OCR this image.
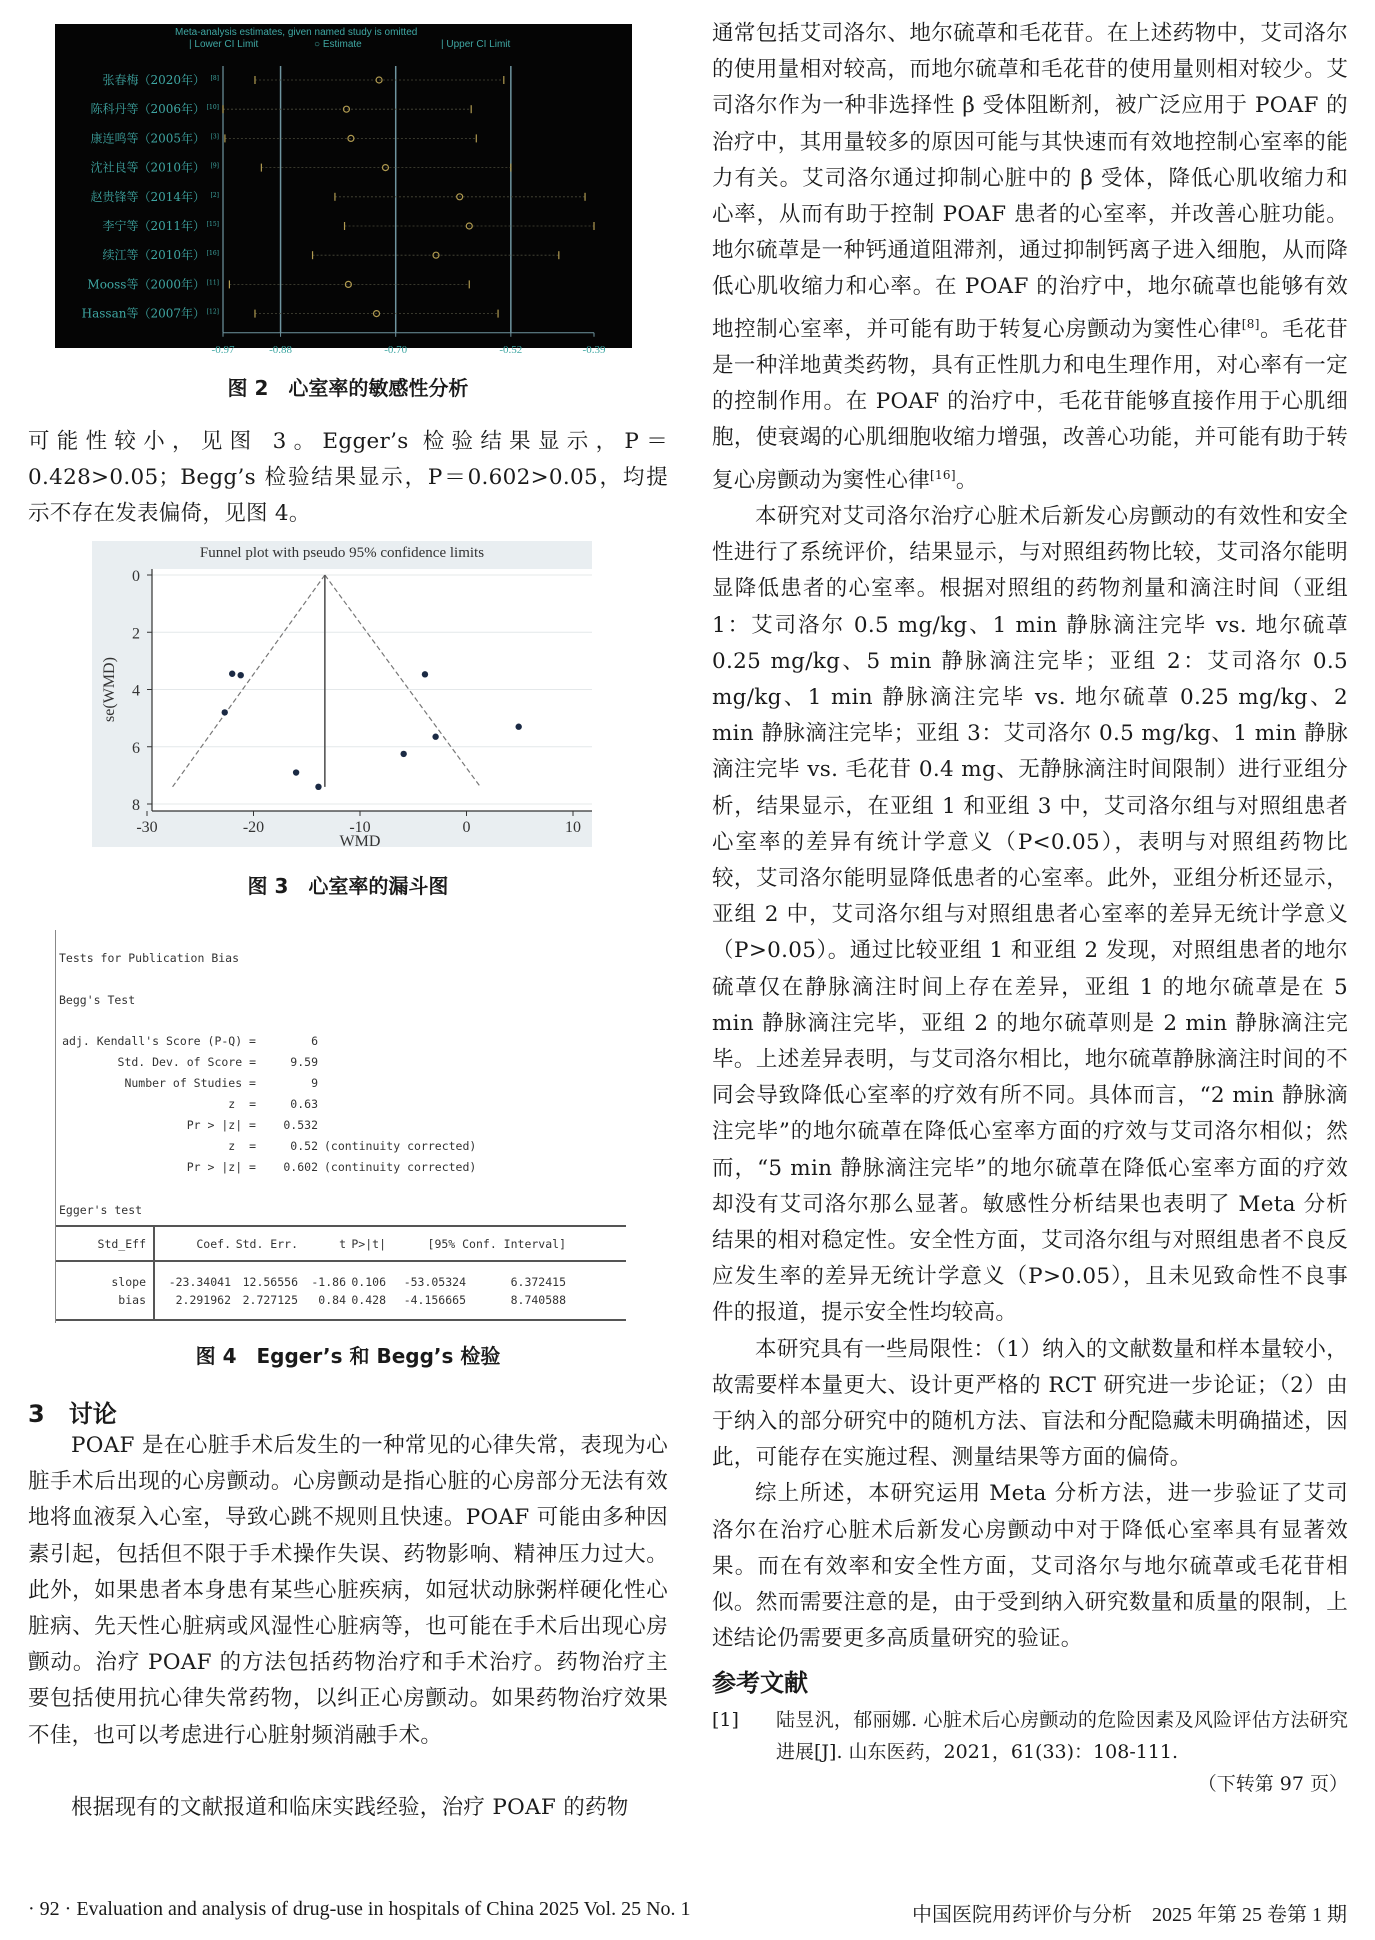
Meta-analysis estimates, given named study is omitted
| Lower CI Limit	○ Estimate	| Upper CI Limit
-0.97	-0.88	-0.70	-0.52	-0.39
张春梅（2020年） [8]
陈科丹等（2006年） [10]
康连鸣等（2005年） [3]
沈社良等（2010年） [9]
赵贵锋等（2014年） [2]
李宁等（2011年） [15]
续江等（2010年） [16]
Mooss等（2000年） [11]
Hassan等（2007年） [12]
图 2　心室率的敏感性分析

可能性较小，见图 3。Egger’s 检验结果显示，P＝0.428>0.05；Begg’s 检验结果显示，P＝0.602>0.05，均提示不存在发表偏倚，见图 4。

Funnel plot with pseudo 95% confidence limits
0
2
4
6
8
-30	-20	-10	0	10
WMD
se(WMD)
图 3　心室率的漏斗图
Tests for Publication Bias
Begg's Test
adj. Kendall's Score (P-Q) =	6
Std. Dev. of Score =	9.59
Number of Studies =	9
z  =	0.63
Pr > |z| =	0.532
z  =	0.52 (continuity corrected)
Pr > |z| =	0.602 (continuity corrected)
Egger's test
Std_Eff	Coef. Std. Err.	t P>|t|	[95% Conf. Interval]
slope	-23.34041	12.56556	-1.86 0.106	-53.05324	6.372415
bias	2.291962	2.727125	0.84 0.428	-4.156665	8.740588
图 4　Egger’s 和 Begg’s 检验
3　讨论

POAF 是在心脏手术后发生的一种常见的心律失常，表现为心脏手术后出现的心房颤动。心房颤动是指心脏的心房部分无法有效地将血液泵入心室，导致心跳不规则且快速。POAF 可能由多种因素引起，包括但不限于手术操作失误、药物影响、精神压力过大。此外，如果患者本身患有某些心脏疾病，如冠状动脉粥样硬化性心脏病、先天性心脏病或风湿性心脏病等，也可能在手术后出现心房颤动。治疗 POAF 的方法包括药物治疗和手术治疗。药物治疗主要包括使用抗心律失常药物，以纠正心房颤动。如果药物治疗效果不佳，也可以考虑进行心脏射频消融手术。

根据现有的文献报道和临床实践经验，治疗 POAF 的药物

通常包括艾司洛尔、地尔硫䓬和毛花苷。在上述药物中，艾司洛尔的使用量相对较高，而地尔硫䓬和毛花苷的使用量则相对较少。艾司洛尔作为一种非选择性 β 受体阻断剂，被广泛应用于 POAF 的治疗中，其用量较多的原因可能与其快速而有效地控制心室率的能力有关。艾司洛尔通过抑制心脏中的 β 受体，降低心肌收缩力和心率，从而有助于控制 POAF 患者的心室率，并改善心脏功能。地尔硫䓬是一种钙通道阻滞剂，通过抑制钙离子进入细胞，从而降低心肌收缩力和心率。在 POAF 的治疗中，地尔硫䓬也能够有效地控制心室率，并可能有助于转复心房颤动为窦性心律[8]。毛花苷是一种洋地黄类药物，具有正性肌力和电生理作用，对心率有一定的控制作用。在 POAF 的治疗中，毛花苷能够直接作用于心肌细胞，使衰竭的心肌细胞收缩力增强，改善心功能，并可能有助于转复心房颤动为窦性心律[16]。

本研究对艾司洛尔治疗心脏术后新发心房颤动的有效性和安全性进行了系统评价，结果显示，与对照组药物比较，艾司洛尔能明显降低患者的心室率。根据对照组的药物剂量和滴注时间（亚组 1：艾司洛尔 0.5 mg/kg、1 min 静脉滴注完毕 vs. 地尔硫䓬 0.25 mg/kg、5 min 静脉滴注完毕；亚组 2：艾司洛尔 0.5 mg/kg、1 min 静脉滴注完毕 vs. 地尔硫䓬 0.25 mg/kg、2 min 静脉滴注完毕；亚组 3：艾司洛尔 0.5 mg/kg、1 min 静脉滴注完毕 vs. 毛花苷 0.4 mg、无静脉滴注时间限制）进行亚组分析，结果显示，在亚组 1 和亚组 3 中，艾司洛尔组与对照组患者心室率的差异有统计学意义（P<0.05），表明与对照组药物比较，艾司洛尔能明显降低患者的心室率。此外，亚组分析还显示，亚组 2 中，艾司洛尔组与对照组患者心室率的差异无统计学意义（P>0.05）。通过比较亚组 1 和亚组 2 发现，对照组患者的地尔硫䓬仅在静脉滴注时间上存在差异，亚组 1 的地尔硫䓬是在 5 min 静脉滴注完毕，亚组 2 的地尔硫䓬则是 2 min 静脉滴注完毕。上述差异表明，与艾司洛尔相比，地尔硫䓬静脉滴注时间的不同会导致降低心室率的疗效有所不同。具体而言，“2 min 静脉滴注完毕”的地尔硫䓬在降低心室率方面的疗效与艾司洛尔相似；然而，“5 min 静脉滴注完毕”的地尔硫䓬在降低心室率方面的疗效却没有艾司洛尔那么显著。敏感性分析结果也表明了 Meta 分析结果的相对稳定性。安全性方面，艾司洛尔组与对照组患者不良反应发生率的差异无统计学意义（P>0.05），且未见致命性不良事件的报道，提示安全性均较高。

本研究具有一些局限性：（1）纳入的文献数量和样本量较小，故需要样本量更大、设计更严格的 RCT 研究进一步论证；（2）由于纳入的部分研究中的随机方法、盲法和分配隐藏未明确描述，因此，可能存在实施过程、测量结果等方面的偏倚。

综上所述，本研究运用 Meta 分析方法，进一步验证了艾司洛尔在治疗心脏术后新发心房颤动中对于降低心室率具有显著效果。而在有效率和安全性方面，艾司洛尔与地尔硫䓬或毛花苷相似。然而需要注意的是，由于受到纳入研究数量和质量的限制，上述结论仍需要更多高质量研究的验证。

参考文献
[1]	陆昱汎，郁丽娜. 心脏术后心房颤动的危险因素及风险评估方法研究进展[J]. 山东医药，2021，61(33)：108-111.
（下转第 97 页）
· 92 · Evaluation and analysis of drug-use in hospitals of China 2025 Vol. 25 No. 1	中国医院用药评价与分析　2025 年第 25 卷第 1 期
